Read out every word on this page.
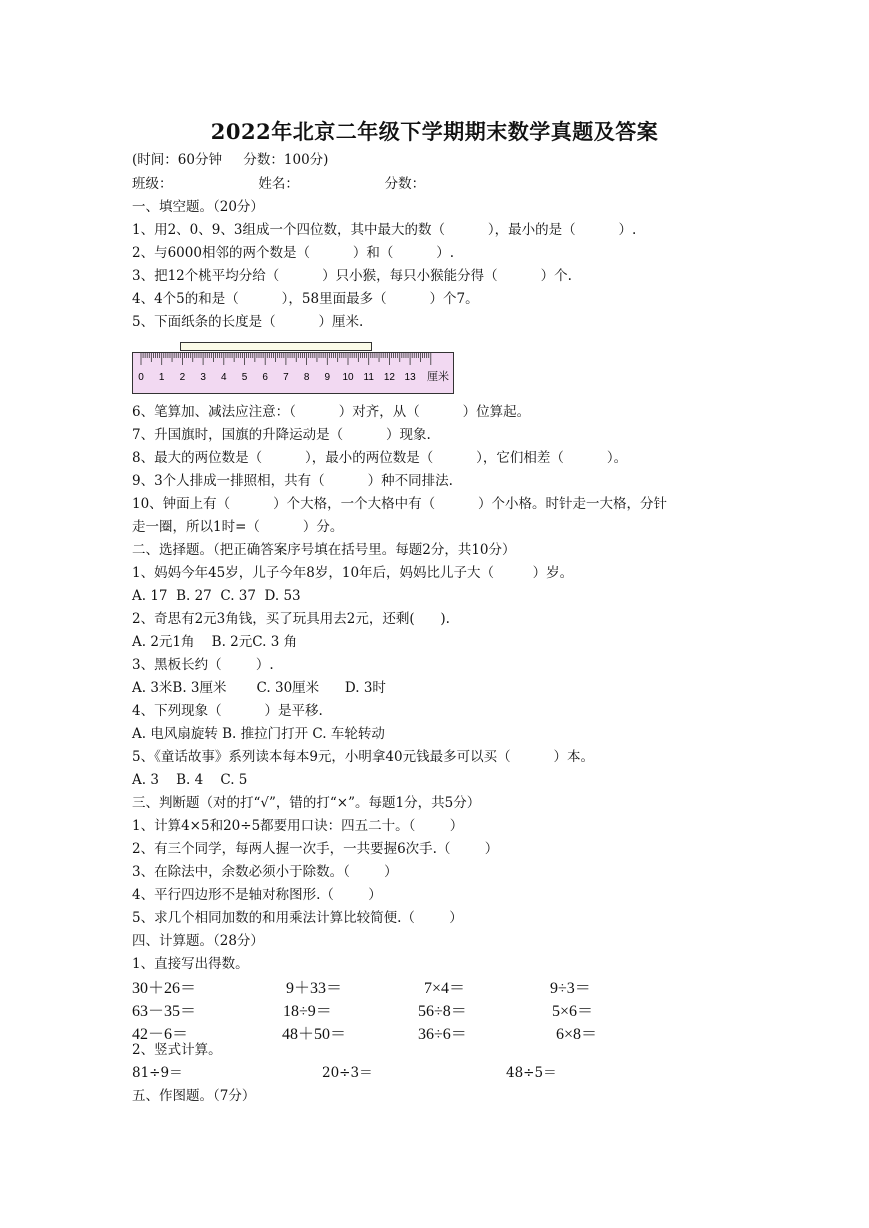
2022年北京二年级下学期期末数学真题及答案
(时间：60分钟     分数：100分)
班级：                    姓名：                    分数：
一、填空题。（20分）
1、用2、0、9、3组成一个四位数，其中最大的数（          ），最小的是（          ）.
2、与6000相邻的两个数是（          ）和（          ）.
3、把12个桃平均分给（          ）只小猴，每只小猴能分得（          ）个.
4、4个5的和是（          ），58里面最多（          ）个7。
5、下面纸条的长度是（          ）厘米.
0 1 2 3 4 5 6 7 8 9 10 11 12 13 厘米
6、笔算加、减法应注意：（          ）对齐，从（          ）位算起。
7、升国旗时，国旗的升降运动是（          ）现象.
8、最大的两位数是（          ），最小的两位数是（          ），它们相差（          ）。
9、3个人排成一排照相，共有（          ）种不同排法.
10、钟面上有（          ）个大格，一个大格中有（          ）个小格。时针走一大格，分针
走一圈，所以1时=（          ）分。
二、选择题。（把正确答案序号填在括号里。每题2分，共10分）
1、妈妈今年45岁，儿子今年8岁，10年后，妈妈比儿子大（         ）岁。
A. 17  B. 27  C. 37  D. 53
2、奇思有2元3角钱，买了玩具用去2元，还剩(      ).
A. 2元1角    B. 2元C. 3 角
3、黑板长约（        ）.
A. 3米B. 3厘米       C. 30厘米      D. 3时
4、下列现象（          ）是平移.
A. 电风扇旋转 B. 推拉门打开 C. 车轮转动
5、《童话故事》系列读本每本9元，小明拿40元钱最多可以买（          ）本。
A. 3    B. 4    C. 5
三、判断题（对的打“√”，错的打“×”。每题1分，共5分）
1、计算4×5和20÷5都要用口诀：四五二十。（        ）
2、有三个同学，每两人握一次手，一共要握6次手.（        ）
3、在除法中，余数必须小于除数。（        ）
4、平行四边形不是轴对称图形.（        ）
5、求几个相同加数的和用乘法计算比较简便.（        ）
四、计算题。（28分）
1、直接写出得数。
30＋26＝	9＋33＝	7×4＝	9÷3＝
63－35＝	18÷9＝	56÷8＝	5×6＝
42－6＝	48＋50＝	36÷6＝	6×8＝
2、竖式计算。
81÷9＝	20÷3＝	48÷5＝
五、作图题。（7分）
